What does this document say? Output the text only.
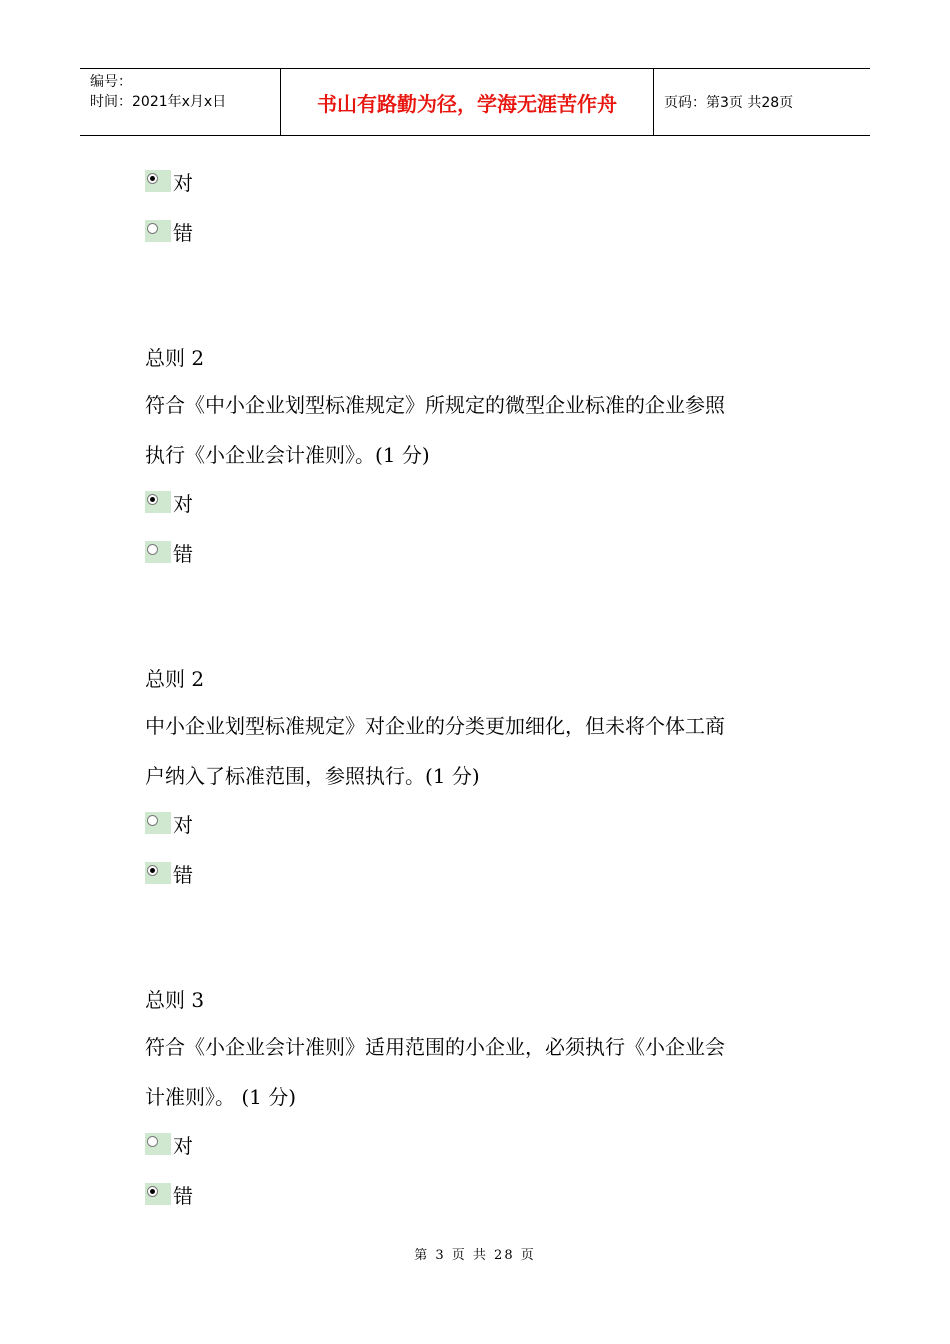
编号：
时间：2021年x月x日	书山有路勤为径，学海无涯苦作舟	页码：第3页 共28页
对
错
总则 2
符合《中小企业划型标准规定》所规定的微型企业标准的企业参照
执行《小企业会计准则》。(1 分)
对
错
总则 2
中小企业划型标准规定》对企业的分类更加细化，但未将个体工商
户纳入了标准范围，参照执行。(1 分)
对
错
总则 3
符合《小企业会计准则》适用范围的小企业，必须执行《小企业会
计准则》。 (1 分)
对
错
第 3 页 共 28 页
